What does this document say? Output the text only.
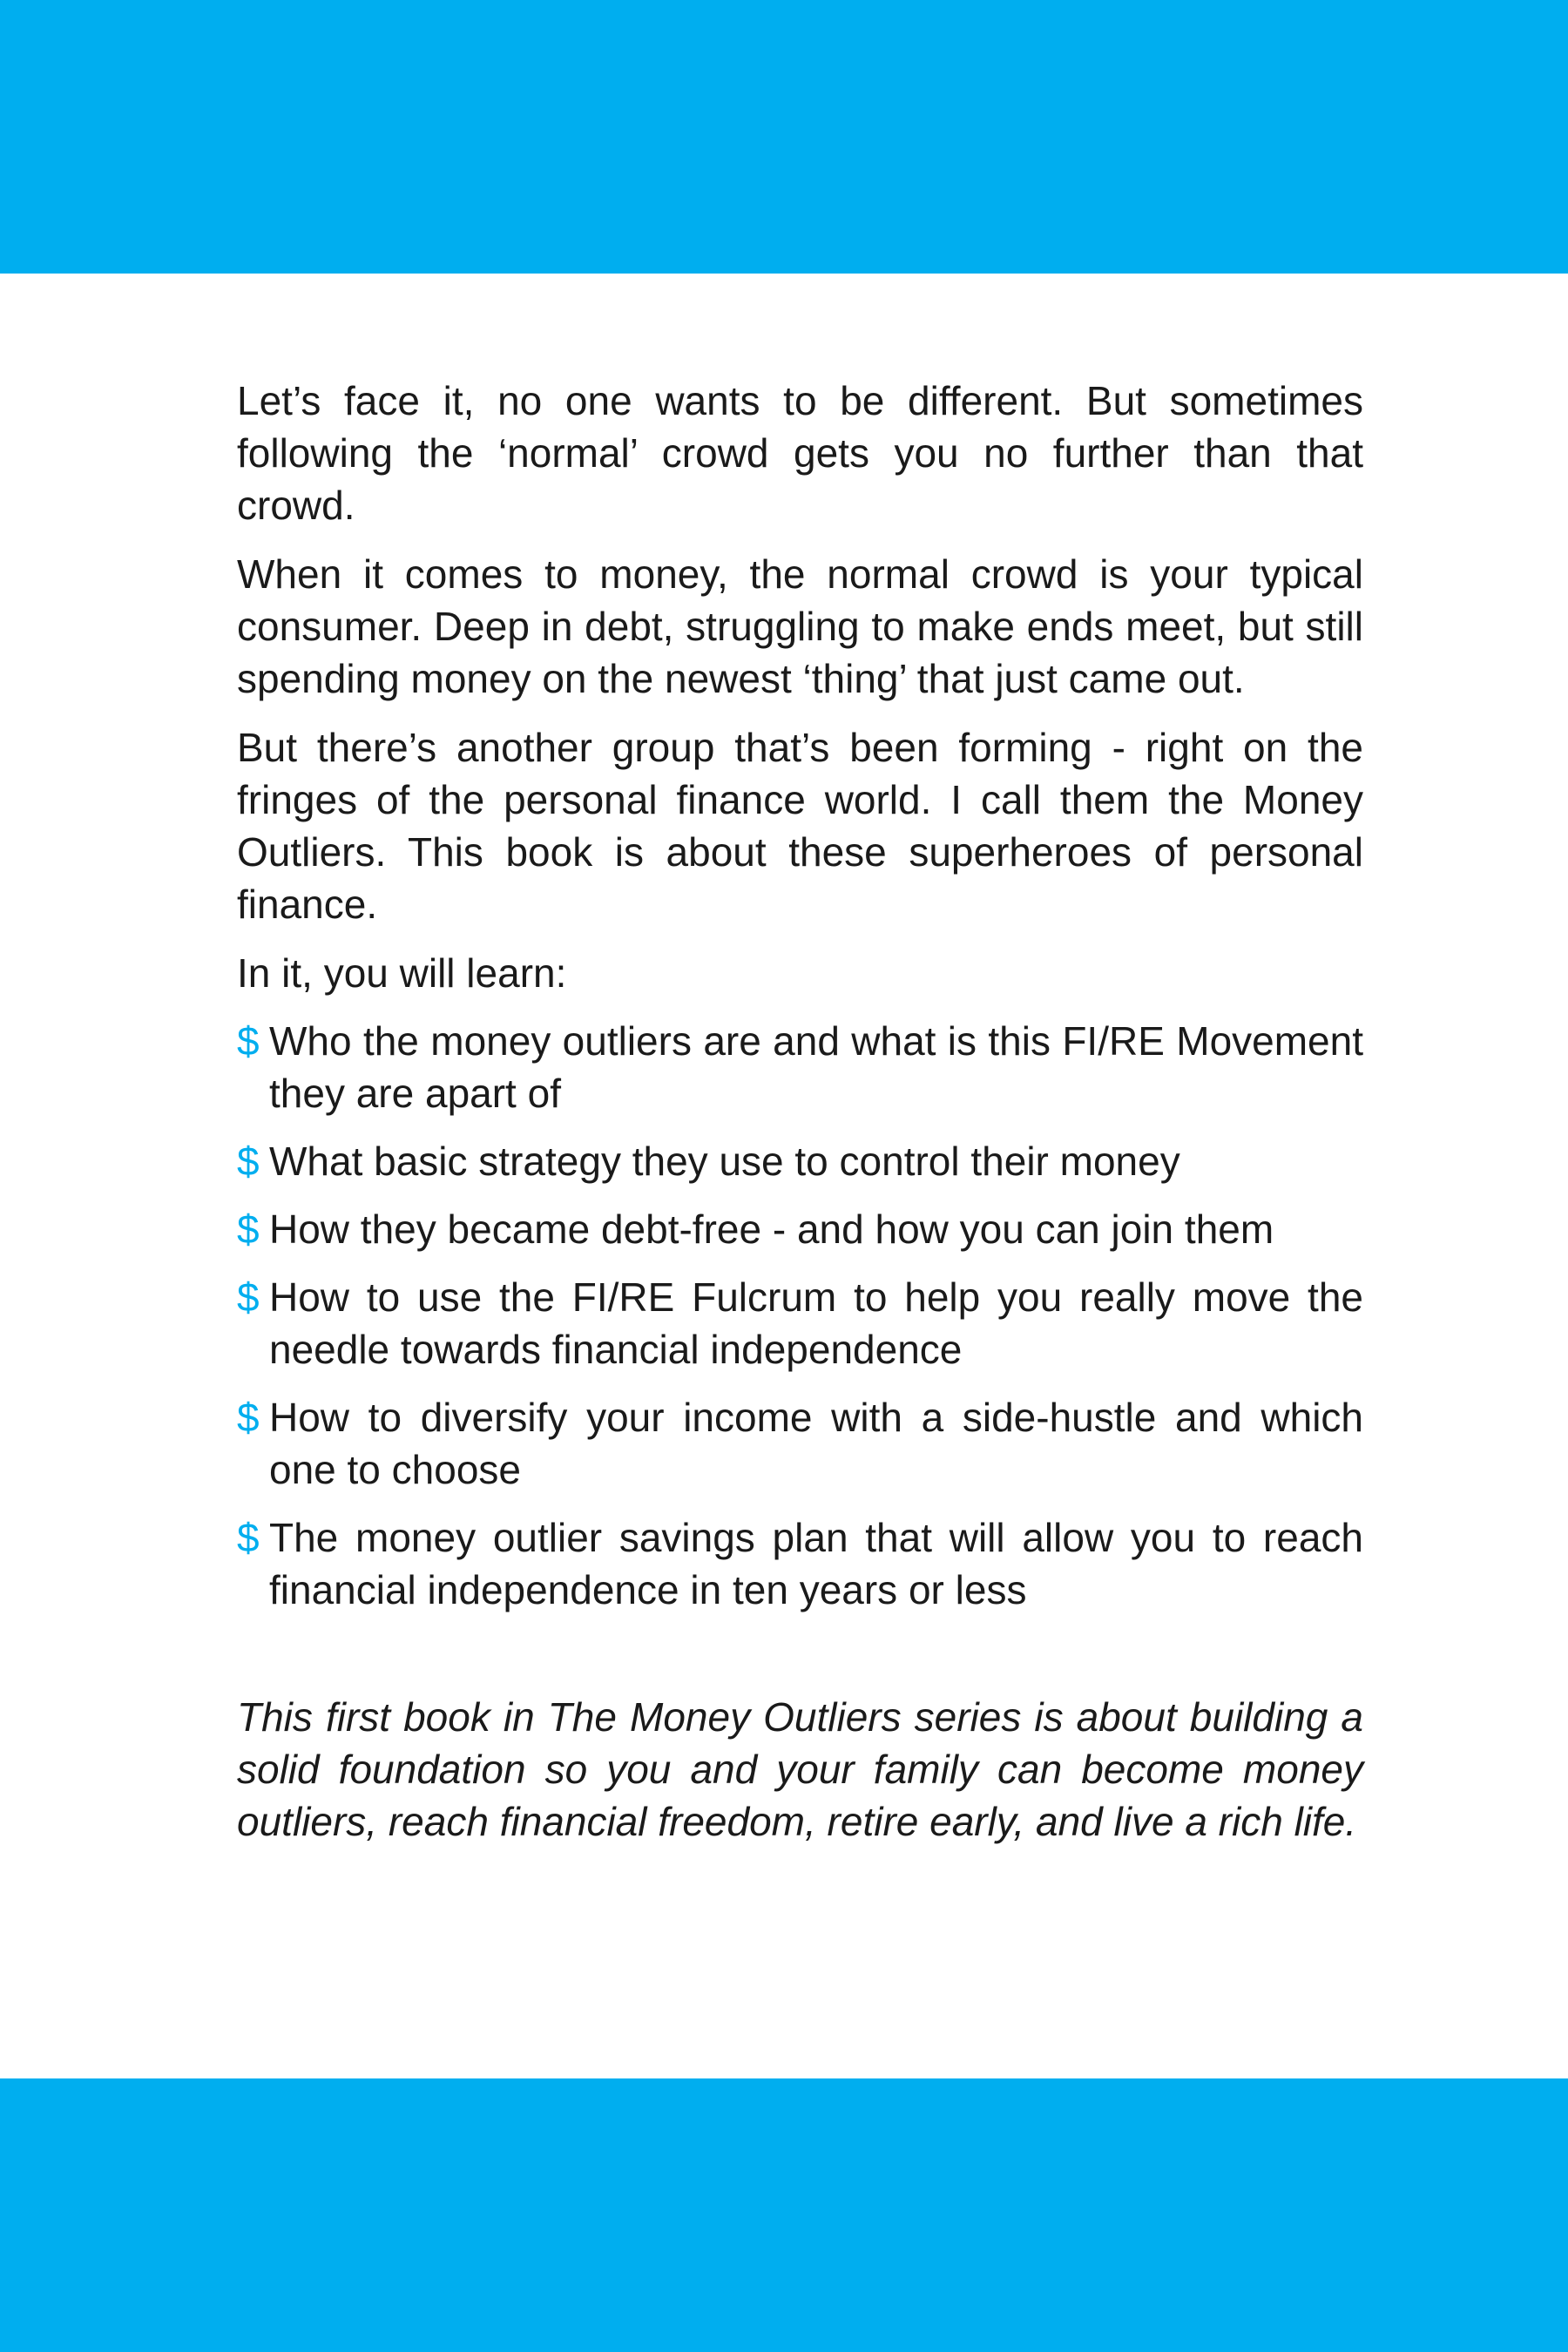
Let’s face it, no one wants to be different. But sometimes following the ‘normal’ crowd gets you no further than that crowd.

When it comes to money, the normal crowd is your typical consumer. Deep in debt, struggling to make ends meet, but still spending money on the newest ‘thing’ that just came out.

But there’s another group that’s been forming - right on the fringes of the personal finance world. I call them the Money Outliers. This book is about these superheroes of personal finance.

In it, you will learn:

$ Who the money outliers are and what is this FI/RE Movement they are apart of
$ What basic strategy they use to control their money
$ How they became debt-free - and how you can join them
$ How to use the FI/RE Fulcrum to help you really move the needle towards financial independence
$ How to diversify your income with a side-hustle and which one to choose
$ The money outlier savings plan that will allow you to reach financial independence in ten years or less

This first book in The Money Outliers series is about building a solid foundation so you and your family can become money outliers, reach financial freedom, retire early, and live a rich life.
